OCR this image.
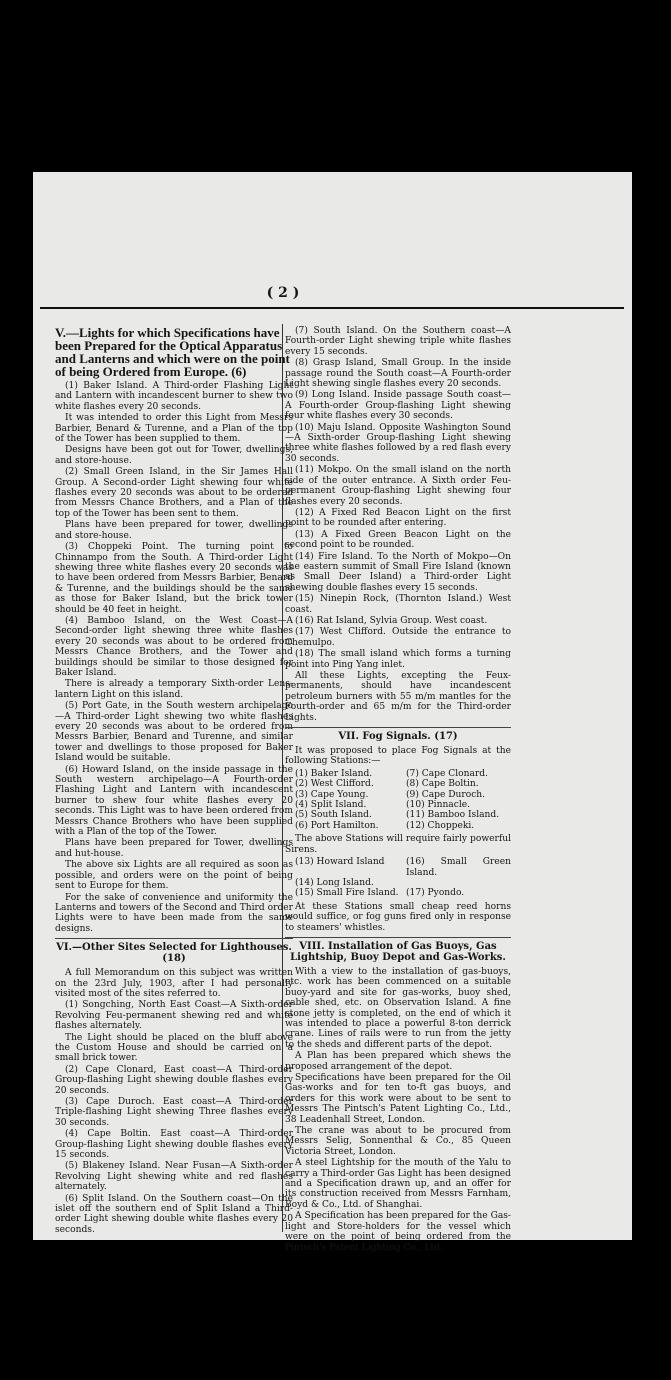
( 2 )
V.—Lights for which Specifications have been Prepared for the Optical Apparatus and Lanterns and which were on the point of being Ordered from Europe. (6)

(1) Baker Island. A Third-order Flashing Light and Lantern with incandescent burner to shew two white flashes every 20 seconds.

It was intended to order this Light from Messrs Barbier, Benard & Turenne, and a Plan of the top of the Tower has been supplied to them.

Designs have been got out for Tower, dwellings, and store-house.

(2) Small Green Island, in the Sir James Hall Group. A Second-order Light shewing four white flashes every 20 seconds was about to be ordered from Messrs Chance Brothers, and a Plan of the top of the Tower has been sent to them.

Plans have been prepared for tower, dwellings and store-house.

(3) Choppeki Point. The turning point to Chinnampo from the South. A Third-order Light shewing three white flashes every 20 seconds was to have been ordered from Messrs Barbier, Benard & Turenne, and the buildings should be the same as those for Baker Island, but the brick tower should be 40 feet in height.

(4) Bamboo Island, on the West Coast—A Second-order light shewing three white flashes every 20 seconds was about to be ordered from Messrs Chance Brothers, and the Tower and buildings should be similar to those designed for Baker Island.

There is already a temporary Sixth-order Lens-lantern Light on this island.

(5) Port Gate, in the South western archipelago—A Third-order Light shewing two white flashes every 20 seconds was about to be ordered from Messrs Barbier, Benard and Turenne, and similar tower and dwellings to those proposed for Baker Island would be suitable.

(6) Howard Island, on the inside passage in the South western archipelago—A Fourth-order Flashing Light and Lantern with incandescent burner to shew four white flashes every 20 seconds. This Light was to have been ordered from Messrs Chance Brothers who have been supplied with a Plan of the top of the Tower.

Plans have been prepared for Tower, dwellings and hut-house.

The above six Lights are all required as soon as possible, and orders were on the point of being sent to Europe for them.

For the sake of convenience and uniformity the Lanterns and towers of the Second and Third order Lights were to have been made from the same designs.

VI.—Other Sites Selected for Lighthouses. (18)

A full Memorandum on this subject was written on the 23rd July, 1903, after I had personally visited most of the sites referred to.

(1) Songching, North East Coast—A Sixth-order Revolving Feu-permanent shewing red and white flashes alternately.

The Light should be placed on the bluff above the Custom House and should be carried on a small brick tower.

(2) Cape Clonard, East coast—A Third-order Group-flashing Light shewing double flashes every 20 seconds.

(3) Cape Duroch. East coast—A Third-order Triple-flashing Light shewing Three flashes every 30 seconds.

(4) Cape Boltin. East coast—A Third-order Group-flashing Light shewing double flashes every 15 seconds.

(5) Blakeney Island. Near Fusan—A Sixth-order Revolving Light shewing white and red flashes alternately.

(6) Split Island. On the Southern coast—On the islet off the southern end of Split Island a Third-order Light shewing double white flashes every 20 seconds.

(7) South Island. On the Southern coast—A Fourth-order Light shewing triple white flashes every 15 seconds.

(8) Grasp Island, Small Group. In the inside passage round the South coast—A Fourth-order Light shewing single flashes every 20 seconds.

(9) Long Island. Inside passage South coast—A Fourth-order Group-flashing Light shewing four white flashes every 30 seconds.

(10) Maju Island. Opposite Washington Sound—A Sixth-order Group-flashing Light shewing three white flashes followed by a red flash every 30 seconds.

(11) Mokpo. On the small island on the north side of the outer entrance. A Sixth order Feu-permanent Group-flashing Light shewing four flashes every 20 seconds.

(12) A Fixed Red Beacon Light on the first point to be rounded after entering.

(13) A Fixed Green Beacon Light on the second point to be rounded.

(14) Fire Island. To the North of Mokpo—On the eastern summit of Small Fire Island (known as Small Deer Island) a Third-order Light shewing double flashes every 15 seconds.

(15) Ninepin Rock, (Thornton Island.) West coast.

(16) Rat Island, Sylvia Group. West coast.

(17) West Clifford. Outside the entrance to Chemulpo.

(18) The small island which forms a turning point into Ping Yang inlet.

All these Lights, excepting the Feux-permanents, should have incandescent petroleum burners with 55 m/m mantles for the Fourth-order and 65 m/m for the Third-order Lights.

VII. Fog Signals. (17)

It was proposed to place Fog Signals at the following Stations:—

(1) Baker Island.	(7) Cape Clonard.
(2) West Clifford.	(8) Cape Boltin.
(3) Cape Young.	(9) Cape Duroch.
(4) Split Island.	(10) Pinnacle.
(5) South Island.	(11) Bamboo Island.
(6) Port Hamilton.	(12) Choppeki.

The above Stations will require fairly powerful Sirens.

(13) Howard Island	(16) Small Green Island.
(14) Long Island.
(15) Small Fire Island. (17) Pyondo.

At these Stations small cheap reed horns would suffice, or fog guns fired only in response to steamers' whistles.

VIII. Installation of Gas Buoys, Gas Lightship, Buoy Depot and Gas-Works.

With a view to the installation of gas-buoys, etc. work has been commenced on a suitable buoy-yard and site for gas-works, buoy shed, cable shed, etc. on Observation Island. A fine stone jetty is completed, on the end of which it was intended to place a powerful 8-ton derrick crane. Lines of rails were to run from the jetty to the sheds and different parts of the depot.

A Plan has been prepared which shews the proposed arrangement of the depot.

Specifications have been prepared for the Oil Gas-works and for ten to-ft gas buoys, and orders for this work were about to be sent to Messrs The Pintsch's Patent Lighting Co., Ltd., 38 Leadenhall Street, London.

The crane was about to be procured from Messrs Selig, Sonnenthal & Co., 85 Queen Victoria Street, London.

A steel Lightship for the mouth of the Yalu to carry a Third-order Gas Light has been designed and a Specification drawn up, and an offer for its construction received from Messrs Farnham, Boyd & Co., Ltd. of Shanghai.

A Specification has been prepared for the Gas-light and Store-holders for the vessel which were on the point of being ordered from the Pintsch's Patent Lighting Co., Ltd.
